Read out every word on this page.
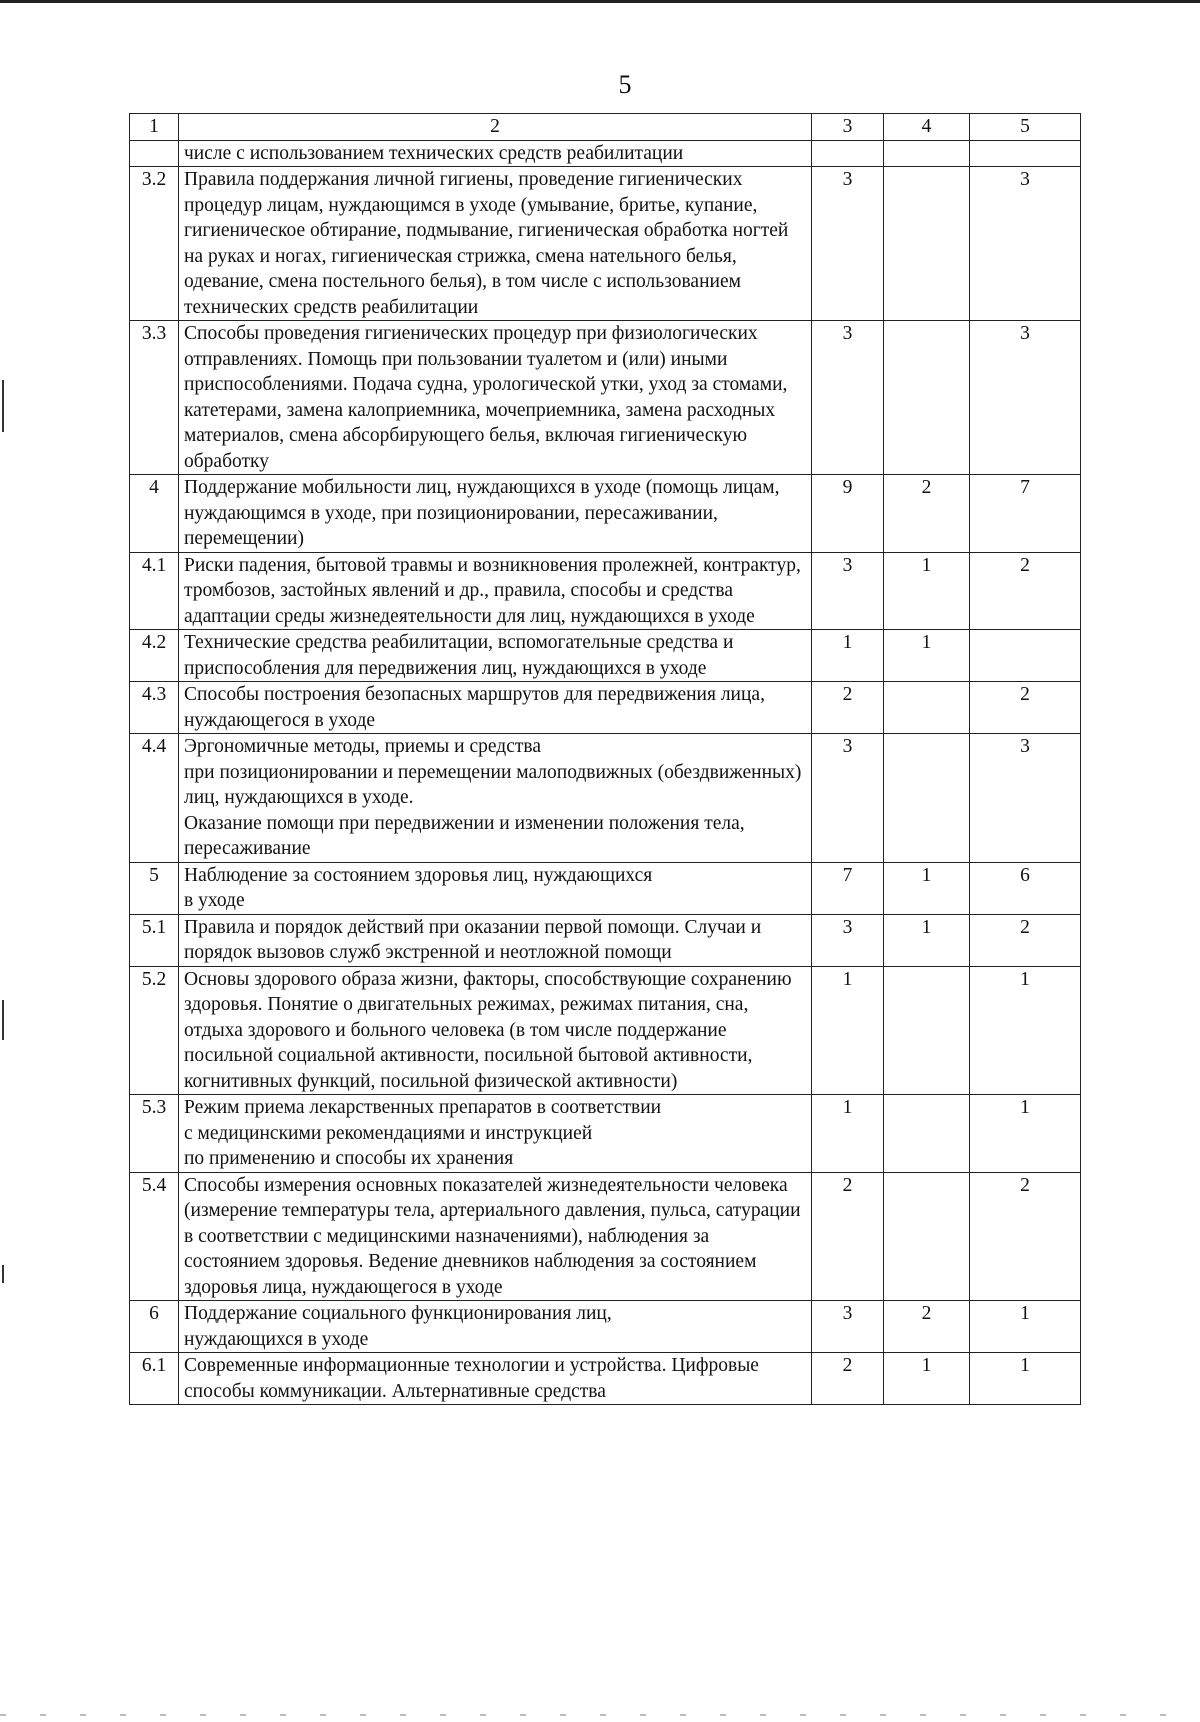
5
1	2	3	4	5
	числе с использованием технических средств реабилитации			
3.2	Правила поддержания личной гигиены, проведение гигиенических процедур лицам, нуждающимся в уходе (умывание, бритье, купание, гигиеническое обтирание, подмывание, гигиеническая обработка ногтей на руках и ногах, гигиеническая стрижка, смена нательного белья, одевание, смена постельного белья), в том числе с использованием технических средств реабилитации	3		3
3.3	Способы проведения гигиенических процедур при физиологических отправлениях. Помощь при пользовании туалетом и (или) иными приспособлениями. Подача судна, урологической утки, уход за стомами, катетерами, замена калоприемника, мочеприемника, замена расходных материалов, смена абсорбирующего белья, включая гигиеническую обработку	3		3
4	Поддержание мобильности лиц, нуждающихся в уходе (помощь лицам, нуждающимся в уходе, при позиционировании, пересаживании, перемещении)	9	2	7
4.1	Риски падения, бытовой травмы и возникновения пролежней, контрактур, тромбозов, застойных явлений и др., правила, способы и средства адаптации среды жизнедеятельности для лиц, нуждающихся в уходе	3	1	2
4.2	Технические средства реабилитации, вспомогательные средства и приспособления для передвижения лиц, нуждающихся в уходе	1	1	
4.3	Способы построения безопасных маршрутов для передвижения лица, нуждающегося в уходе	2		2
4.4	Эргономичные методы, приемы и средства
при позиционировании и перемещении малоподвижных (обездвиженных) лиц, нуждающихся в уходе.
Оказание помощи при передвижении и изменении положения тела, пересаживание	3		3
5	Наблюдение за состоянием здоровья лиц, нуждающихся
в уходе	7	1	6
5.1	Правила и порядок действий при оказании первой помощи. Случаи и порядок вызовов служб экстренной и неотложной помощи	3	1	2
5.2	Основы здорового образа жизни, факторы, способствующие сохранению здоровья. Понятие о двигательных режимах, режимах питания, сна, отдыха здорового и больного человека (в том числе поддержание посильной социальной активности, посильной бытовой активности, когнитивных функций, посильной физической активности)	1		1
5.3	Режим приема лекарственных препаратов в соответствии
с медицинскими рекомендациями и инструкцией
по применению и способы их хранения	1		1
5.4	Способы измерения основных показателей жизнедеятельности человека (измерение температуры тела, артериального давления, пульса, сатурации в соответствии с медицинскими назначениями), наблюдения за состоянием здоровья. Ведение дневников наблюдения за состоянием здоровья лица, нуждающегося в уходе	2		2
6	Поддержание социального функционирования лиц,
нуждающихся в уходе	3	2	1
6.1	Современные информационные технологии и устройства. Цифровые способы коммуникации. Альтернативные средства	2	1	1
